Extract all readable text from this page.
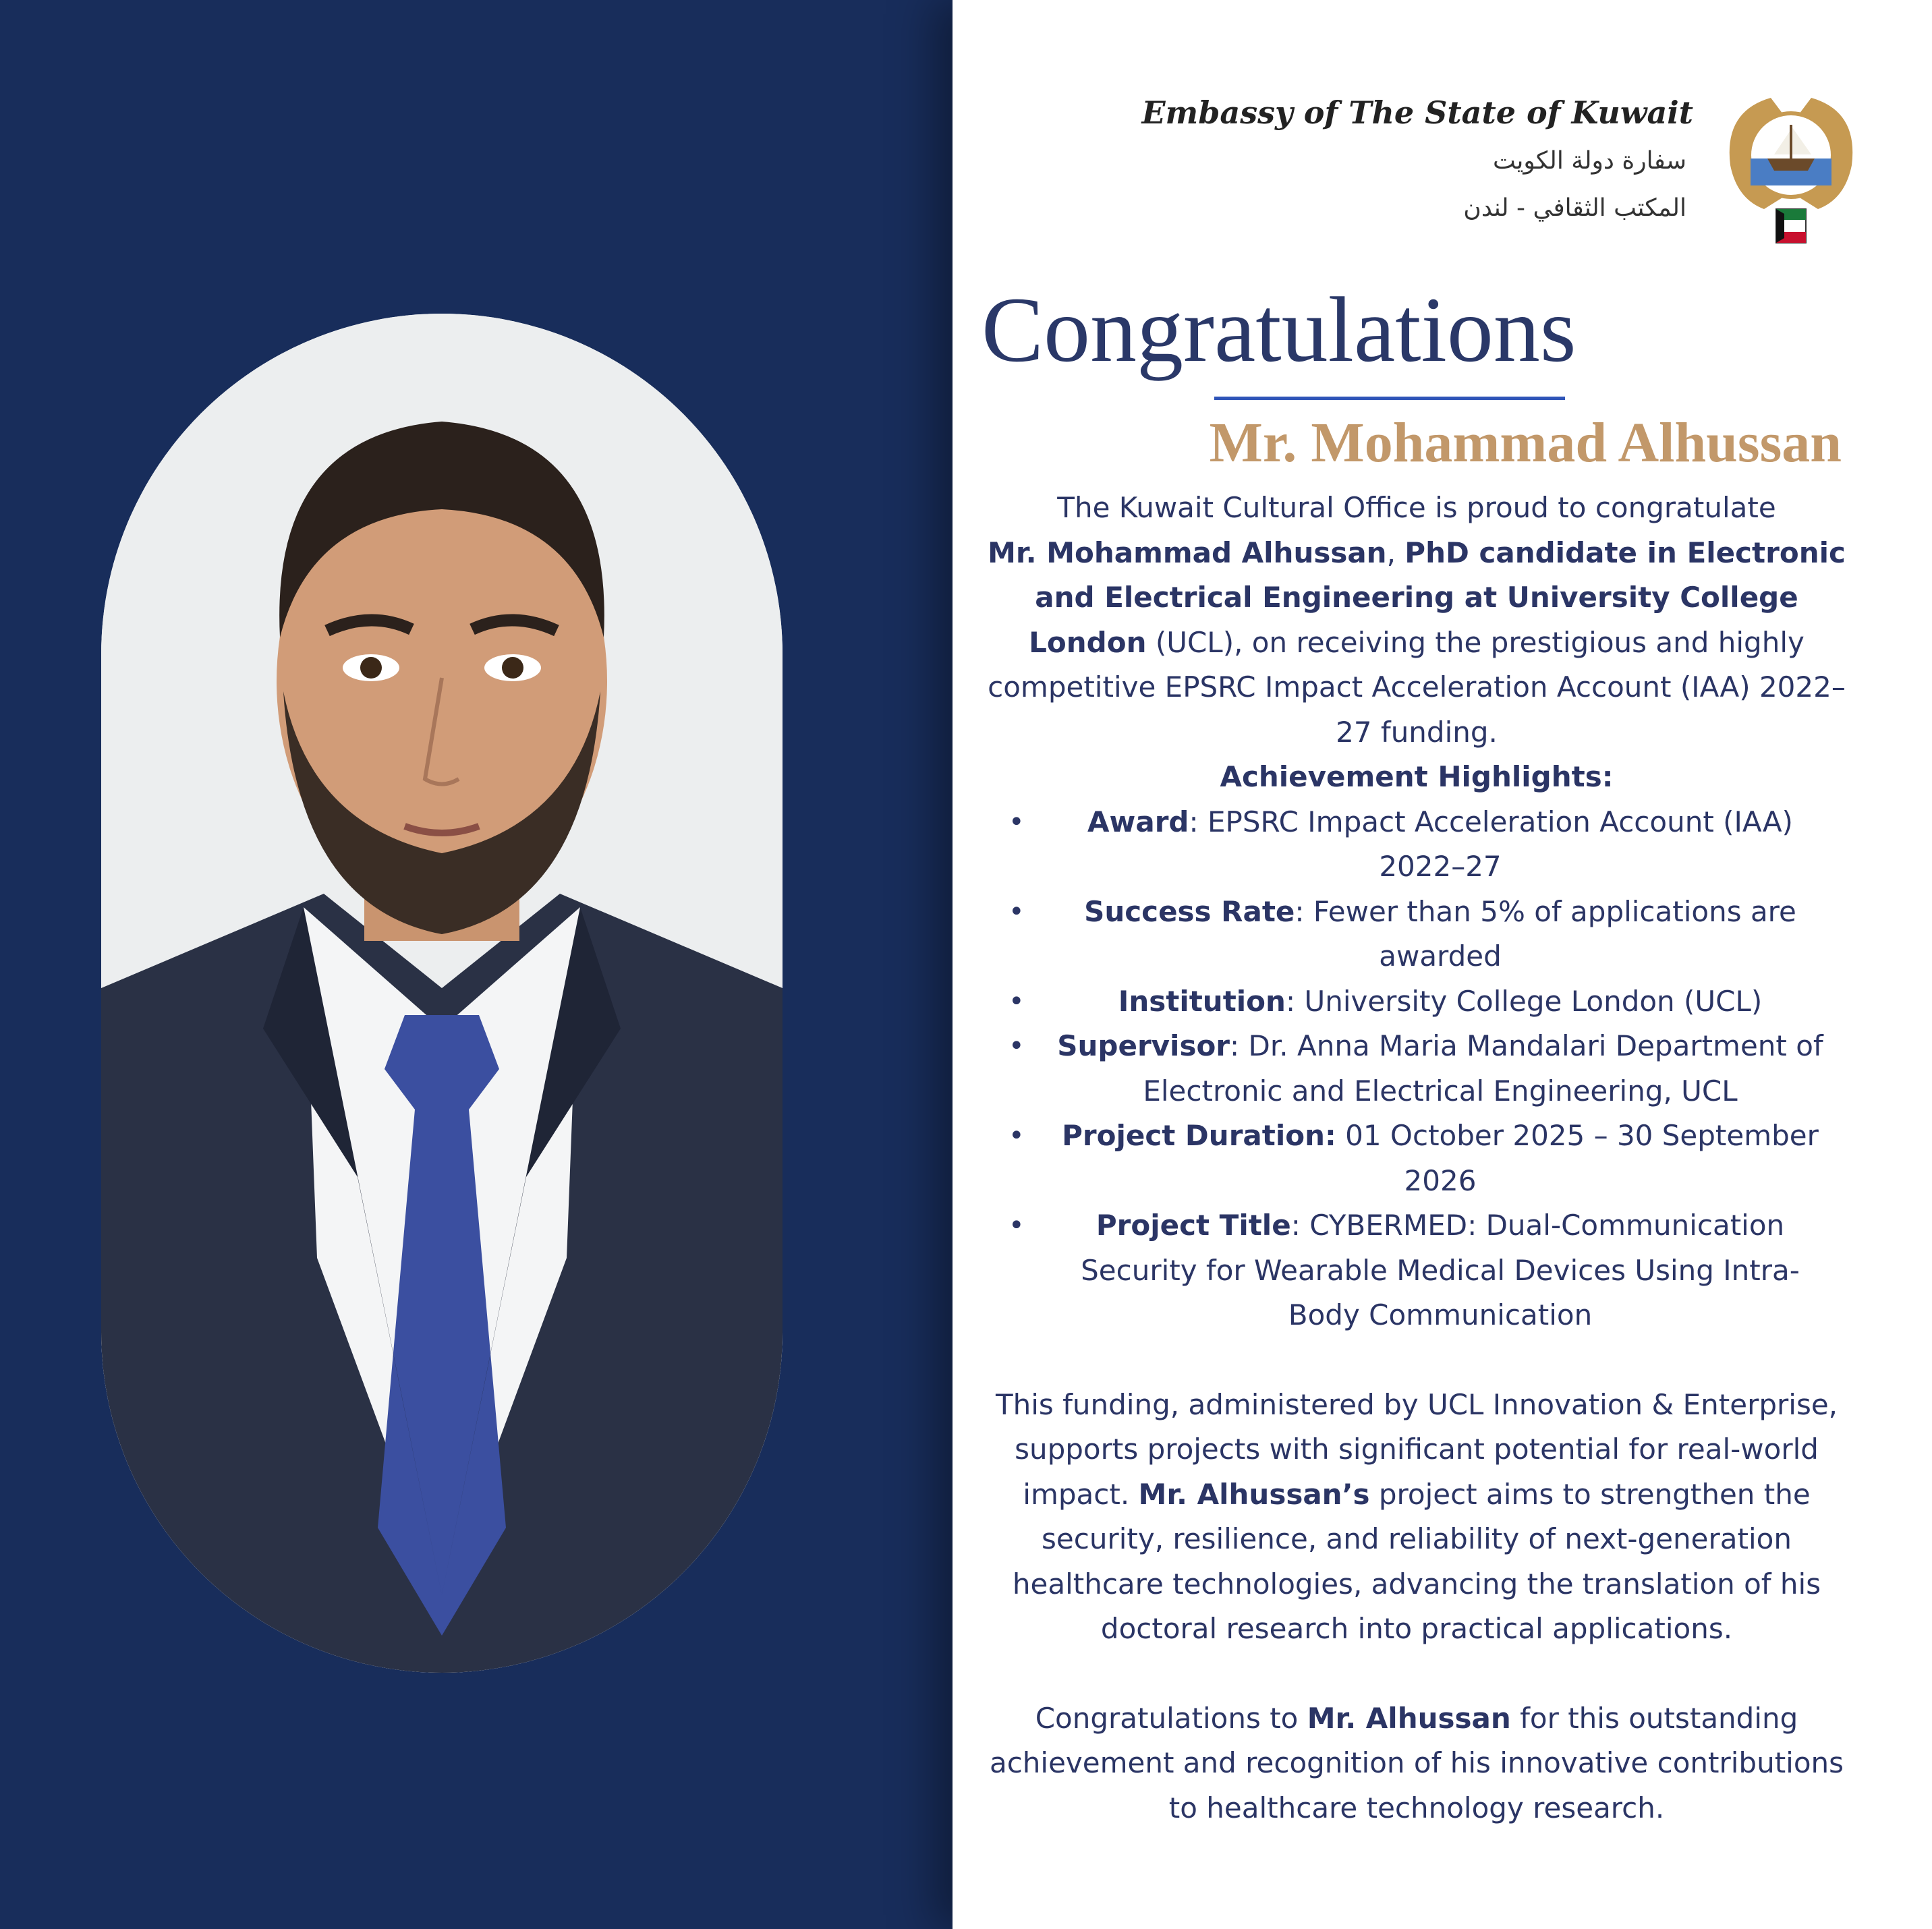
Embassy of The State of Kuwait
سفارة دولة الكويت
المكتب الثقافي - لندن
Congratulations
Mr. Mohammad Alhussan

The Kuwait Cultural Office is proud to congratulate
Mr. Mohammad Alhussan, PhD candidate in Electronic and Electrical Engineering at University College London (UCL), on receiving the prestigious and highly competitive EPSRC Impact Acceleration Account (IAA) 2022–27 funding.

Achievement Highlights:

• Award: EPSRC Impact Acceleration Account (IAA) 2022–27
• Success Rate: Fewer than 5% of applications are awarded
• Institution: University College London (UCL)
• Supervisor: Dr. Anna Maria Mandalari Department of Electronic and Electrical Engineering, UCL
• Project Duration: 01 October 2025 – 30 September 2026
• Project Title: CYBERMED: Dual-Communication Security for Wearable Medical Devices Using Intra-Body Communication

This funding, administered by UCL Innovation & Enterprise, supports projects with significant potential for real-world impact. Mr. Alhussan’s project aims to strengthen the security, resilience, and reliability of next-generation healthcare technologies, advancing the translation of his doctoral research into practical applications.

Congratulations to Mr. Alhussan for this outstanding achievement and recognition of his innovative contributions to healthcare technology research.
